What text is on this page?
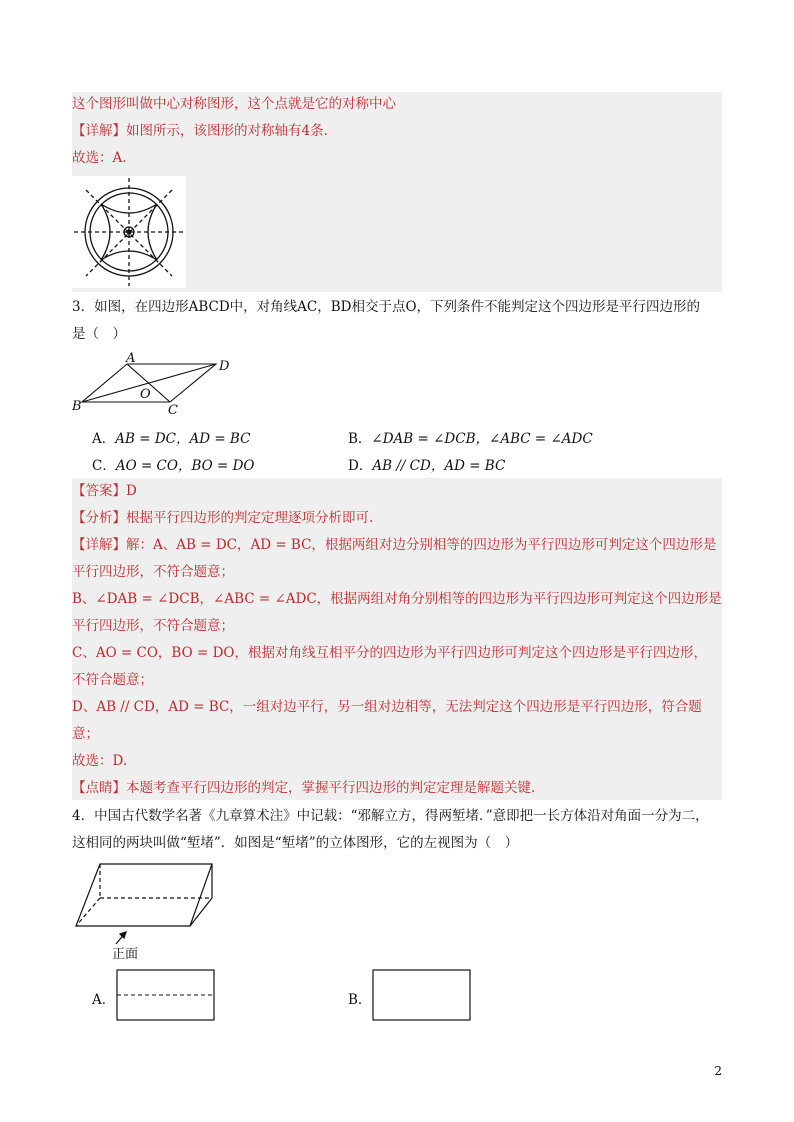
这个图形叫做中心对称图形，这个点就是它的对称中心
【详解】如图所示，该图形的对称轴有4条.
故选：A.
3．如图，在四边形ABCD中，对角线AC，BD相交于点O，下列条件不能判定这个四边形是平行四边形的
是（　）
A
D
B	C
O
A．AB = DC，AD = BC	B．∠DAB = ∠DCB，∠ABC = ∠ADC
C．AO = CO，BO = DO	D．AB // CD，AD = BC
【答案】D
【分析】根据平行四边形的判定定理逐项分析即可.
【详解】解：A、AB = DC，AD = BC，根据两组对边分别相等的四边形为平行四边形可判定这个四边形是
平行四边形，不符合题意；
B、∠DAB = ∠DCB，∠ABC = ∠ADC，根据两组对角分别相等的四边形为平行四边形可判定这个四边形是
平行四边形，不符合题意；
C、AO = CO，BO = DO，根据对角线互相平分的四边形为平行四边形可判定这个四边形是平行四边形，
不符合题意；
D、AB // CD，AD = BC，一组对边平行，另一组对边相等，无法判定这个四边形是平行四边形，符合题
意；
故选：D.
【点睛】本题考查平行四边形的判定，掌握平行四边形的判定定理是解题关键.
4．中国古代数学名著《九章算术注》中记载：“邪解立方，得两堑堵．”意即把一长方体沿对角面一分为二，
这相同的两块叫做“堑堵”．如图是“堑堵”的立体图形，它的左视图为（　）
正面
A．	B．
2
